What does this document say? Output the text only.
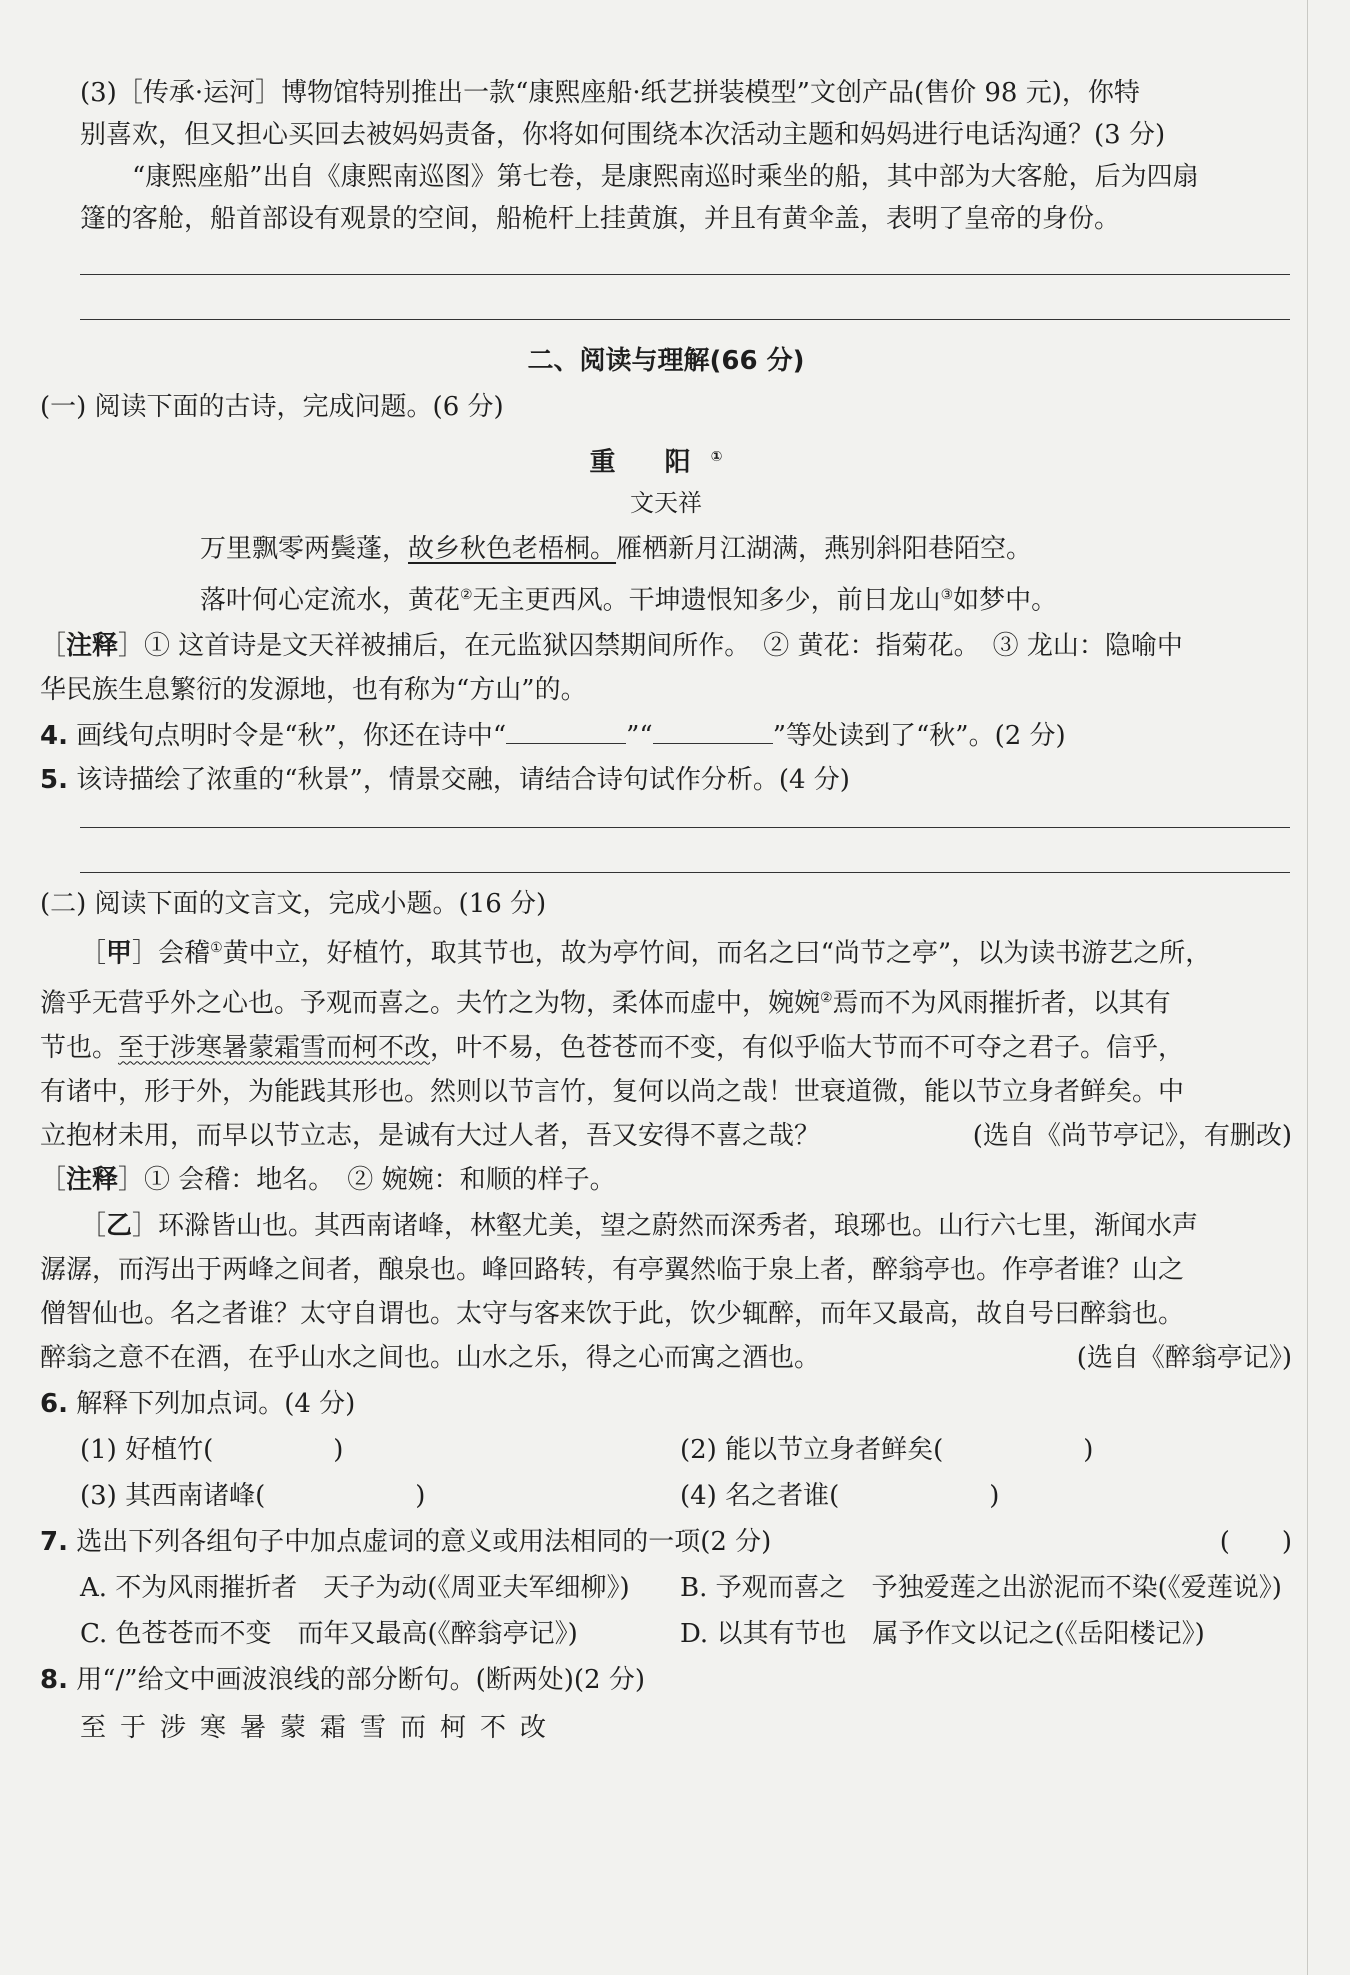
(3)［传承·运河］博物馆特别推出一款“康熙座船·纸艺拼装模型”文创产品(售价 98 元)，你特

别喜欢，但又担心买回去被妈妈责备，你将如何围绕本次活动主题和妈妈进行电话沟通？(3 分)

“康熙座船”出自《康熙南巡图》第七卷，是康熙南巡时乘坐的船，其中部为大客舱，后为四扇

篷的客舱，船首部设有观景的空间，船桅杆上挂黄旗，并且有黄伞盖，表明了皇帝的身份。

二、阅读与理解(66 分)

(一) 阅读下面的古诗，完成问题。(6 分)

重 阳①

文天祥

万里飘零两鬓蓬，故乡秋色老梧桐。雁栖新月江湖满，燕别斜阳巷陌空。

落叶何心定流水，黄花②无主更西风。干坤遗恨知多少，前日龙山③如梦中。

［注释］① 这首诗是文天祥被捕后，在元监狱囚禁期间所作。　② 黄花：指菊花。　③ 龙山：隐喻中

华民族生息繁衍的发源地，也有称为“方山”的。

4. 画线句点明时令是“秋”，你还在诗中“	”“	”等处读到了“秋”。(2 分)

5. 该诗描绘了浓重的“秋景”，情景交融，请结合诗句试作分析。(4 分)

(二) 阅读下面的文言文，完成小题。(16 分)

［甲］会稽①黄中立，好植竹，取其节也，故为亭竹间，而名之曰“尚节之亭”，以为读书游艺之所，

澹乎无营乎外之心也。予观而喜之。夫竹之为物，柔体而虚中，婉婉②焉而不为风雨摧折者，以其有

节也。至于涉寒暑蒙霜雪而柯不改，叶不易，色苍苍而不变，有似乎临大节而不可夺之君子。信乎，

有诸中，形于外，为能践其形也。然则以节言竹，复何以尚之哉！世衰道微，能以节立身者鲜矣。中

立抱材未用，而早以节立志，是诚有大过人者，吾又安得不喜之哉？	(选自《尚节亭记》，有删改)

［注释］① 会稽：地名。　② 婉婉：和顺的样子。

［乙］环滁皆山也。其西南诸峰，林壑尤美，望之蔚然而深秀者，琅琊也。山行六七里，渐闻水声

潺潺，而泻出于两峰之间者，酿泉也。峰回路转，有亭翼然临于泉上者，醉翁亭也。作亭者谁？山之

僧智仙也。名之者谁？太守自谓也。太守与客来饮于此，饮少辄醉，而年又最高，故自号曰醉翁也。

醉翁之意不在酒，在乎山水之间也。山水之乐，得之心而寓之酒也。	(选自《醉翁亭记》)

6. 解释下列加点词。(4 分)

(1) 好植竹(	)	(2) 能以节立身者鲜矣(	)
(3) 其西南诸峰(	)	(4) 名之者谁(	)

7. 选出下列各组句子中加点虚词的意义或用法相同的一项(2 分)	(　　)

A. 不为风雨摧折者　天子为动(《周亚夫军细柳》)	B. 予观而喜之　予独爱莲之出淤泥而不染(《爱莲说》)
C. 色苍苍而不变　而年又最高(《醉翁亭记》)	D. 以其有节也　属予作文以记之(《岳阳楼记》)

8. 用“/”给文中画波浪线的部分断句。(断两处)(2 分)

至于涉寒暑蒙霜雪而柯不改
